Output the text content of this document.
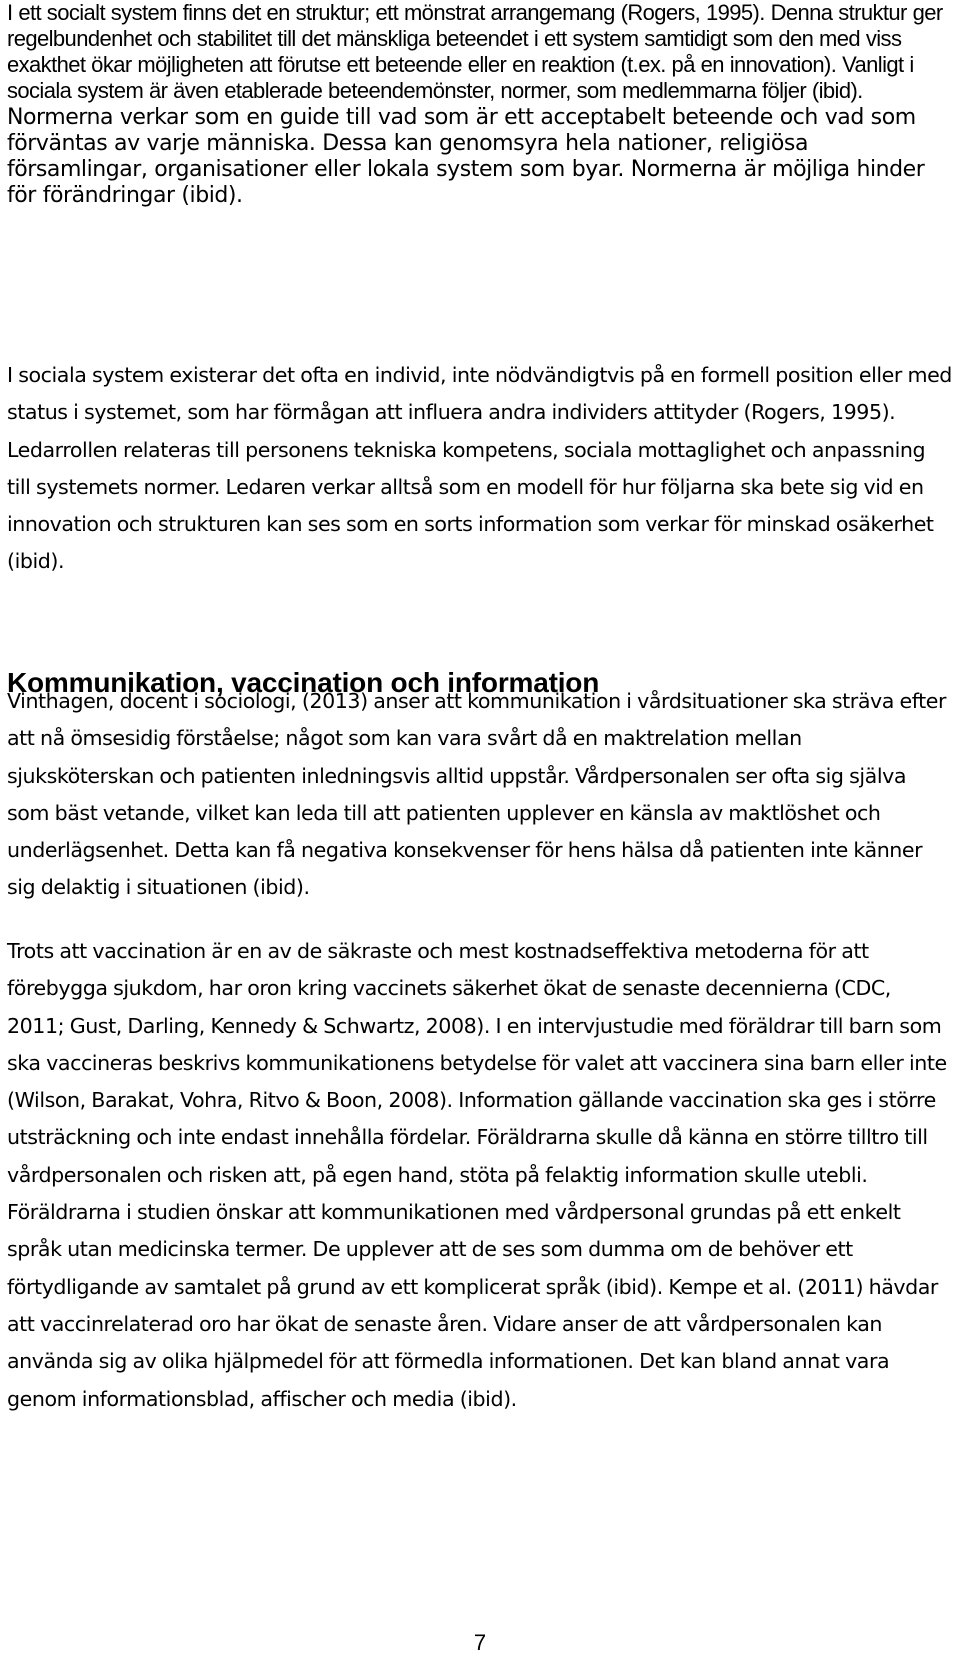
I ett socialt system finns det en struktur; ett mönstrat arrangemang (Rogers, 1995). Denna struktur ger regelbundenhet och stabilitet till det mänskliga beteendet i ett system samtidigt som den med viss exakthet ökar möjligheten att förutse ett beteende eller en reaktion (t.ex. på en innovation). Vanligt i sociala system är även etablerade beteendemönster, normer, som medlemmarna följer (ibid). Normerna verkar som en guide till vad som är ett acceptabelt beteende och vad som förväntas av varje människa. Dessa kan genomsyra hela nationer, religiösa församlingar, organisationer eller lokala system som byar. Normerna är möjliga hinder för förändringar (ibid).

I sociala system existerar det ofta en individ, inte nödvändigtvis på en formell position eller med status i systemet, som har förmågan att influera andra individers attityder (Rogers, 1995). Ledarrollen relateras till personens tekniska kompetens, sociala mottaglighet och anpassning till systemets normer. Ledaren verkar alltså som en modell för hur följarna ska bete sig vid en innovation och strukturen kan ses som en sorts information som verkar för minskad osäkerhet (ibid).

Kommunikation, vaccination och information

Vinthagen, docent i sociologi, (2013) anser att kommunikation i vårdsituationer ska sträva efter att nå ömsesidig förståelse; något som kan vara svårt då en maktrelation mellan sjuksköterskan och patienten inledningsvis alltid uppstår. Vårdpersonalen ser ofta sig själva som bäst vetande, vilket kan leda till att patienten upplever en känsla av maktlöshet och underlägsenhet. Detta kan få negativa konsekvenser för hens hälsa då patienten inte känner sig delaktig i situationen (ibid).

Trots att vaccination är en av de säkraste och mest kostnadseffektiva metoderna för att förebygga sjukdom, har oron kring vaccinets säkerhet ökat de senaste decennierna (CDC, 2011; Gust, Darling, Kennedy & Schwartz, 2008). I en intervjustudie med föräldrar till barn som ska vaccineras beskrivs kommunikationens betydelse för valet att vaccinera sina barn eller inte (Wilson, Barakat, Vohra, Ritvo & Boon, 2008). Information gällande vaccination ska ges i större utsträckning och inte endast innehålla fördelar. Föräldrarna skulle då känna en större tilltro till vårdpersonalen och risken att, på egen hand, stöta på felaktig information skulle utebli. Föräldrarna i studien önskar att kommunikationen med vårdpersonal grundas på ett enkelt språk utan medicinska termer. De upplever att de ses som dumma om de behöver ett förtydligande av samtalet på grund av ett komplicerat språk (ibid). Kempe et al. (2011) hävdar att vaccinrelaterad oro har ökat de senaste åren. Vidare anser de att vårdpersonalen kan använda sig av olika hjälpmedel för att förmedla informationen. Det kan bland annat vara genom informationsblad, affischer och media (ibid).

7
